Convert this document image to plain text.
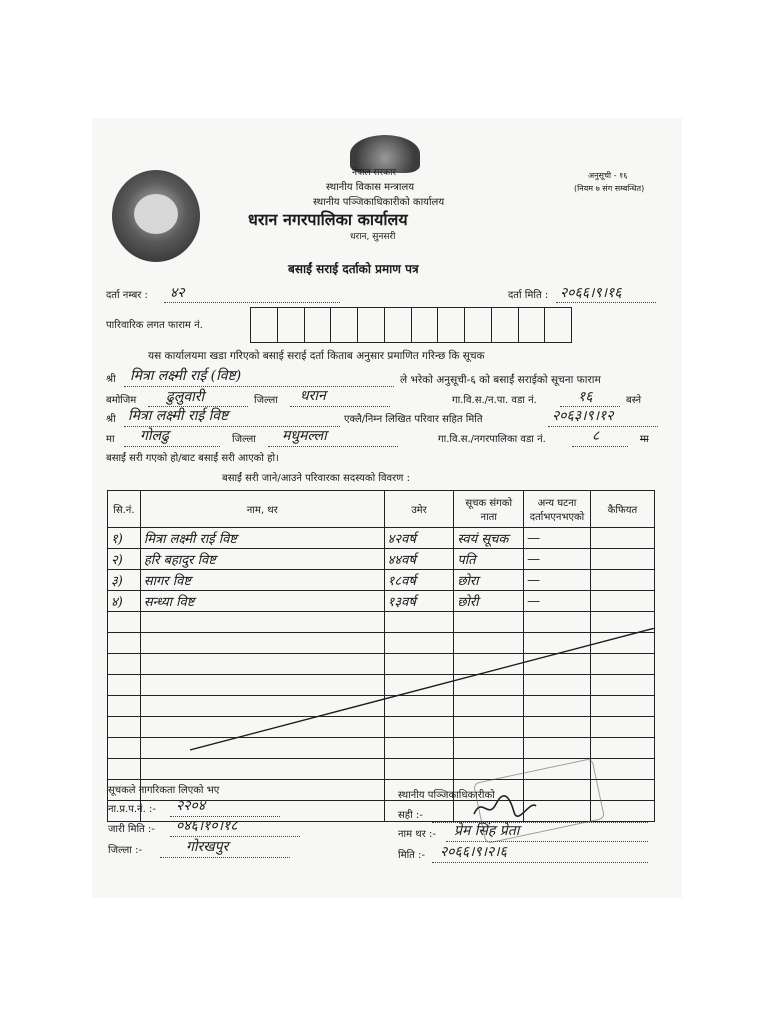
नेपाल सरकार
स्थानीय विकास मन्त्रालय
स्थानीय पञ्जिकाधिकारीको कार्यालय
धरान नगरपालिका कार्यालय
धरान, सुनसरी
अनुसूची - १६
(नियम ७ संग सम्बन्धित)
बसाईं सराई दर्ताको प्रमाण पत्र
दर्ता नम्बर : ४२	दर्ता मिति : २०६६।९।१६
पारिवारिक लगत फाराम नं.
यस कार्यालयमा खडा गरिएको बसाई सराई दर्ता किताब अनुसार प्रमाणित गरिन्छ कि सूचक
श्री मित्रा लक्ष्मी राई (विष्ट)	ले भरेको अनुसूची-६ को बसाईं सराईको सूचना फाराम
बमोजिम ढुलुवारी	जिल्ला धरान	गा.वि.स./न.पा. वडा नं.	१६	बस्ने
श्री मित्रा लक्ष्मी राई विष्ट	एक्लै/निम्न लिखित परिवार सहित मिति	२०६३।९।१२
मा गोलढु	जिल्ला मधुमल्ला	गा.वि.स./नगरपालिका वडा नं.	८	मा
बसाईं सरी गएको हो/बाट बसाईं सरी आएको हो।
बसाईं सरी जाने/आउने परिवारका सदस्यको विवरण :
सि.नं.	नाम, थर	उमेर	सूचक संगको नाता	अन्य घटना दर्ताभएनभएको	कैफियत
१)	मित्रा लक्ष्मी राई विष्ट	४२वर्ष	स्वयं सूचक	—	
२)	हरि बहादुर विष्ट	४४वर्ष	पति	—	
३)	सागर विष्ट	१८वर्ष	छोरा	—	
४)	सन्ध्या विष्ट	१३वर्ष	छोरी	—	

सूचकले नागरिकता लिएको भए
ना.प्र.प.नं. :- २२०४
जारी मिति :- ०४६।१०।१८
जिल्ला :-	गोरखपुर
स्थानीय पञ्जिकाधिकारीको
सही :-
नाम थर :- प्रेम सिंह प्रेता
मिति :- २०६६।९।२।६
